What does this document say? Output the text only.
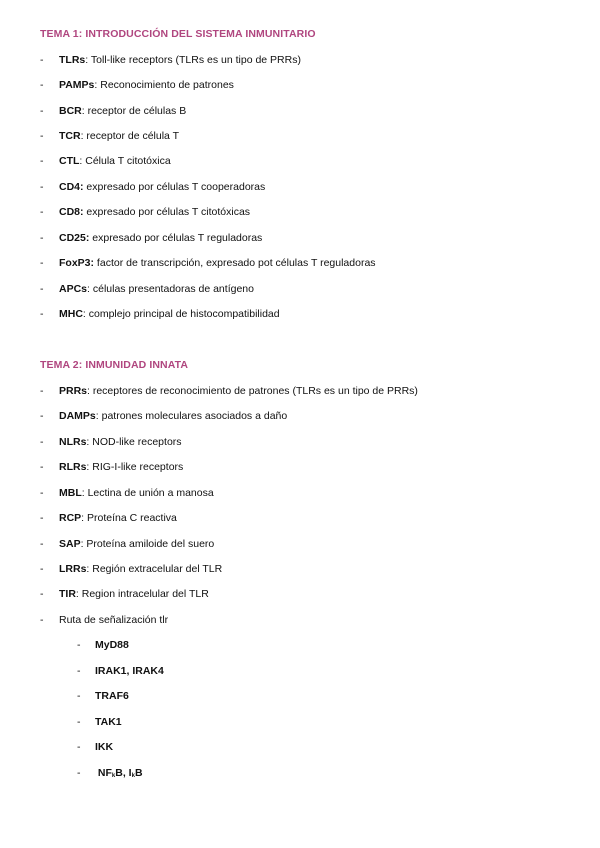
TEMA 1: INTRODUCCIÓN DEL SISTEMA INMUNITARIO
- TLRs: Toll-like receptors (TLRs es un tipo de PRRs)
- PAMPs: Reconocimiento de patrones
- BCR: receptor de células B
- TCR: receptor de célula T
- CTL: Célula T citotóxica
- CD4: expresado por células T cooperadoras
- CD8: expresado por células T citotóxicas
- CD25: expresado por células T reguladoras
- FoxP3: factor de transcripción, expresado pot células T reguladoras
- APCs: células presentadoras de antígeno
- MHC: complejo principal de histocompatibilidad
TEMA 2: INMUNIDAD INNATA
- PRRs: receptores de reconocimiento de patrones (TLRs es un tipo de PRRs)
- DAMPs: patrones moleculares asociados a daño
- NLRs: NOD-like receptors
- RLRs: RIG-I-like receptors
- MBL: Lectina de unión a manosa
- RCP: Proteína C reactiva
- SAP: Proteína amiloide del suero
- LRRs: Región extracelular del TLR
- TIR: Region intracelular del TLR
- Ruta de señalización tlr
- MyD88
- IRAK1, IRAK4
- TRAF6
- TAK1
- IKK
- $NF_kB$, $I_kB$
